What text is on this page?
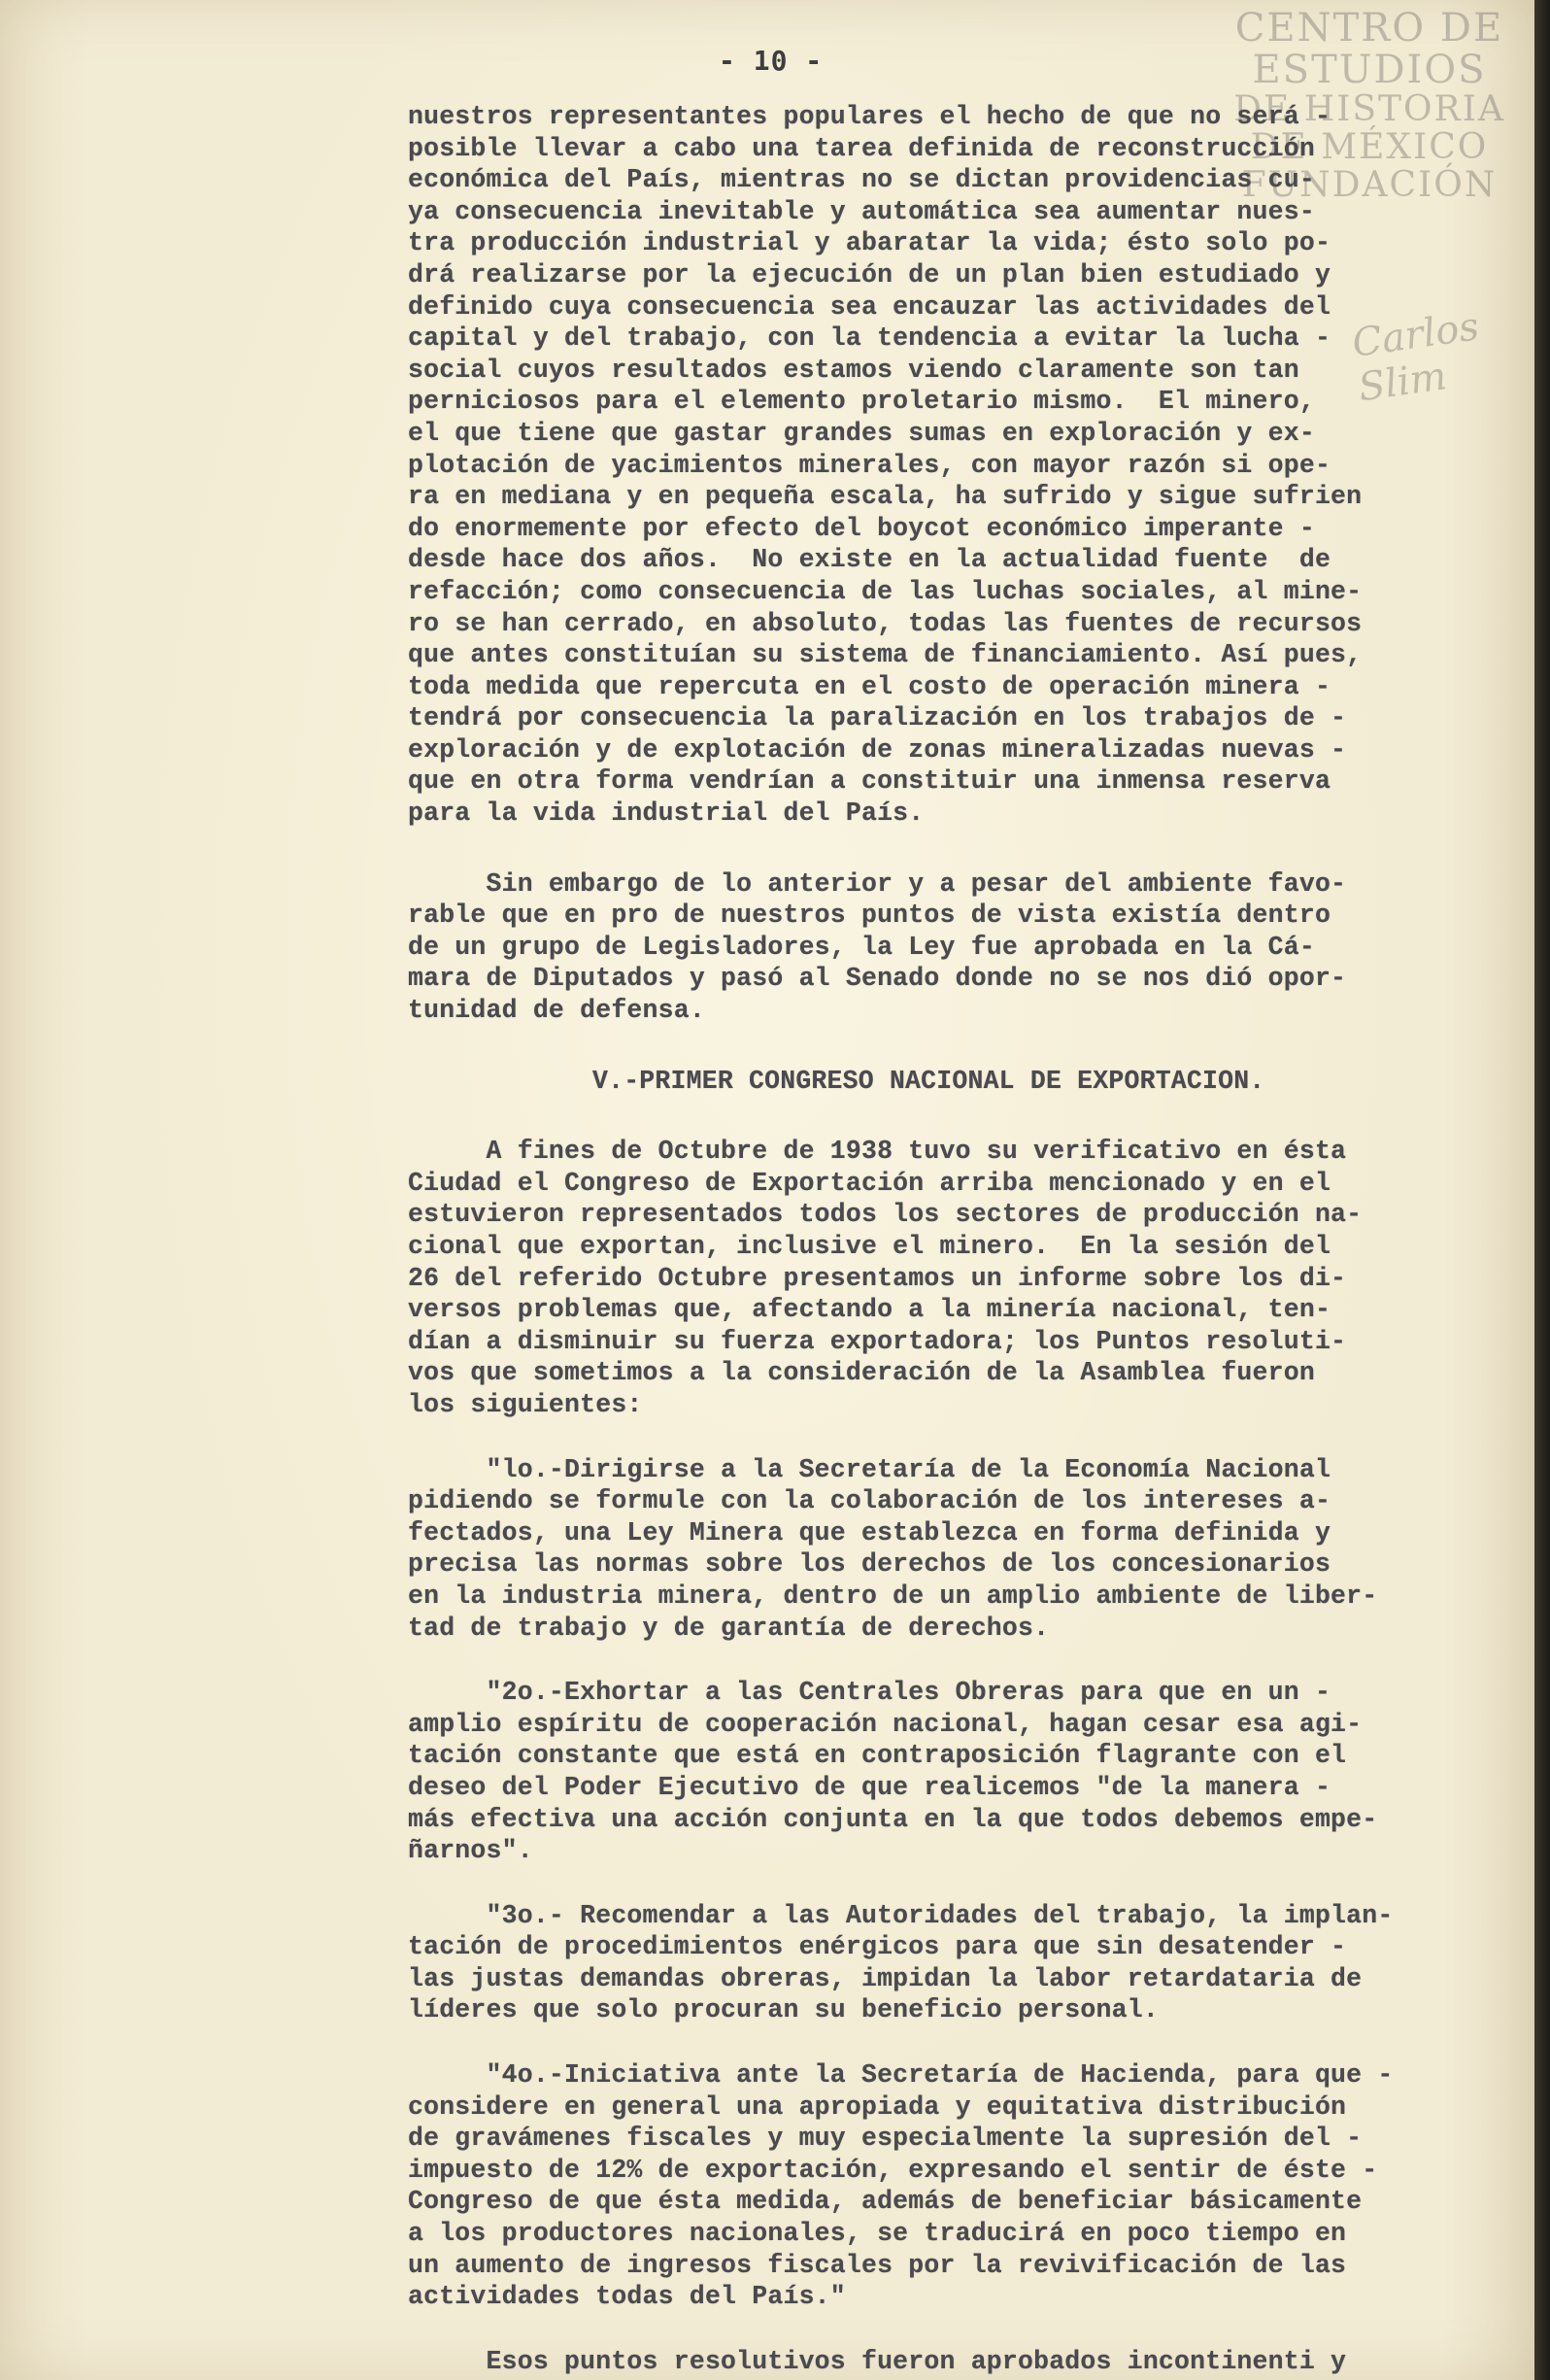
- 10 -
CENTRO DE
ESTUDIOS
DE HISTORIA
DE MÉXICO
FUNDACIÓN
Carlos Slim
nuestros representantes populares el hecho de que no será -
posible llevar a cabo una tarea definida de reconstrucción
económica del País, mientras no se dictan providencias cu-
ya consecuencia inevitable y automática sea aumentar nues-
tra producción industrial y abaratar la vida; ésto solo po-
drá realizarse por la ejecución de un plan bien estudiado y
definido cuya consecuencia sea encauzar las actividades del
capital y del trabajo, con la tendencia a evitar la lucha -
social cuyos resultados estamos viendo claramente son tan
perniciosos para el elemento proletario mismo.  El minero,
el que tiene que gastar grandes sumas en exploración y ex-
plotación de yacimientos minerales, con mayor razón si ope-
ra en mediana y en pequeña escala, ha sufrido y sigue sufrien
do enormemente por efecto del boycot económico imperante -
desde hace dos años.  No existe en la actualidad fuente  de
refacción; como consecuencia de las luchas sociales, al mine-
ro se han cerrado, en absoluto, todas las fuentes de recursos
que antes constituían su sistema de financiamiento. Así pues,
toda medida que repercuta en el costo de operación minera -
tendrá por consecuencia la paralización en los trabajos de -
exploración y de explotación de zonas mineralizadas nuevas -
que en otra forma vendrían a constituir una inmensa reserva
para la vida industrial del País.
Sin embargo de lo anterior y a pesar del ambiente favo-
rable que en pro de nuestros puntos de vista existía dentro
de un grupo de Legisladores, la Ley fue aprobada en la Cá-
mara de Diputados y pasó al Senado donde no se nos dió opor-
tunidad de defensa.
V.-PRIMER CONGRESO NACIONAL DE EXPORTACION.
A fines de Octubre de 1938 tuvo su verificativo en ésta
Ciudad el Congreso de Exportación arriba mencionado y en el
estuvieron representados todos los sectores de producción na-
cional que exportan, inclusive el minero.  En la sesión del
26 del referido Octubre presentamos un informe sobre los di-
versos problemas que, afectando a la minería nacional, ten-
dían a disminuir su fuerza exportadora; los Puntos resoluti-
vos que sometimos a la consideración de la Asamblea fueron
los siguientes:
"lo.-Dirigirse a la Secretaría de la Economía Nacional
pidiendo se formule con la colaboración de los intereses a-
fectados, una Ley Minera que establezca en forma definida y
precisa las normas sobre los derechos de los concesionarios
en la industria minera, dentro de un amplio ambiente de liber-
tad de trabajo y de garantía de derechos.
"2o.-Exhortar a las Centrales Obreras para que en un -
amplio espíritu de cooperación nacional, hagan cesar esa agi-
tación constante que está en contraposición flagrante con el
deseo del Poder Ejecutivo de que realicemos "de la manera -
más efectiva una acción conjunta en la que todos debemos empe-
ñarnos".
"3o.- Recomendar a las Autoridades del trabajo, la implan-
tación de procedimientos enérgicos para que sin desatender -
las justas demandas obreras, impidan la labor retardataria de
líderes que solo procuran su beneficio personal.
"4o.-Iniciativa ante la Secretaría de Hacienda, para que -
considere en general una apropiada y equitativa distribución
de gravámenes fiscales y muy especialmente la supresión del -
impuesto de 12% de exportación, expresando el sentir de éste -
Congreso de que ésta medida, además de beneficiar básicamente
a los productores nacionales, se traducirá en poco tiempo en
un aumento de ingresos fiscales por la revivificación de las
actividades todas del País."
Esos puntos resolutivos fueron aprobados incontinenti y
